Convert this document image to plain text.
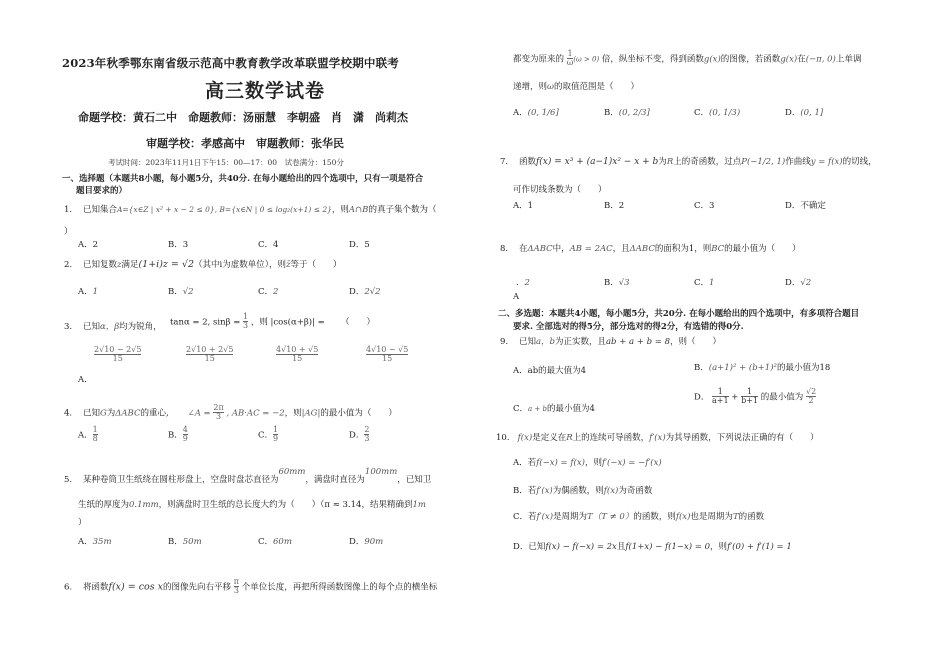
2023年秋季鄂东南省级示范高中教育教学改革联盟学校期中联考
高三数学试卷
命题学校：黄石二中　命题教师：汤丽慧　李朝盛　肖　潇　尚莉杰
审题学校：孝感高中　审题教师：张华民
考试时间：2023年11月1日下午15：00—17：00　试卷满分：150分
一、选择题（本题共8小题，每小题5分，共40分. 在每小题给出的四个选项中，只有一项是符合
题目要求的）
1. 已知集合A={x∈Z | x² + x − 2 ≤ 0}, B={x∈N | 0 ≤ log₂(x+1) ≤ 2}，则A∩B的真子集个数为（
）
A．2	B．3	C．4	D．5
2. 已知复数z满足(1+i)z = √2（其中i为虚数单位），则z̄等于（　　）
A．1	B．√2	C．2	D．2√2
3. 已知α，β均为锐角， tanα = 2, $\sin\beta = \frac{1}{3}$ ，则 |cos(α+β)| = （　　）
$\frac{2√10 - 2√5}{15}$	$\frac{2√10 + 2√5}{15}$	$\frac{4√10 + √5}{15}$	$\frac{4√10 - √5}{15}$
A．
4. 已知G为ΔABC的重心, ∠A = $\frac{2\pi}{3}$ , AB·AC = −2，则|AG|的最小值为（　　）
A． $\frac{1}{8}$	B． $\frac{4}{9}$	C． $\frac{1}{9}$	D． $\frac{2}{3}$
5. 某种卷筒卫生纸绕在圆柱形盘上，空盘时盘芯直径为60mm，满盘时直径为100mm，已知卫
生纸的厚度为0.1mm，则满盘时卫生纸的总长度大约为（　　）（π ≈ 3.14，结果精确到1m
）
A．35m	B．50m	C．60m	D．90m
6. 将函数f(x) = cos x的图像先向右平移 $\frac{\pi}{3}$ 个单位长度，再把所得函数图像上的每个点的横坐标
都变为原来的 $\frac{1}{\omega} (\omega > 0)$ 倍，纵坐标不变，得到函数g(x)的图像，若函数g(x)在(−π, 0)上单调
递增，则ω的取值范围是（　　）
A．(0, 1/6]	B．(0, 2/3]	C．(0, 1/3)	D．(0, 1]
7. 函数f(x) = x³ + (a−1)x² − x + b为R上的奇函数，过点P(−1/2, 1)作曲线y = f(x)的切线，
可作切线条数为（　　）
A．1	B．2	C．3	D．不确定
8. 在ΔABC中，AB = 2AC，且ΔABC的面积为1，则BC的最小值为（　　）
．2	B．√3	C．1	D．√2
A
二、多选题：本题共4小题，每小题5分，共20分. 在每小题给出的四个选项中，有多项符合题目
要求. 全部选对的得5分，部分选对的得2分，有选错的得0分.
9. 已知a，b为正实数，且ab + a + b = 8，则（　　）
A．ab的最大值为4	B．(a+1)² + (b+1)²的最小值为18
C．a + b的最小值为4
D． $\frac{1}{a+1} + \frac{1}{b+1}$ 的最小值为 $\frac{√2}{2}$
10. f(x)是定义在R上的连续可导函数，f′(x)为其导函数，下列说法正确的有（　　）
A．若f(−x) = f(x)，则f′(−x) = −f′(x)
B．若f′(x)为偶函数，则f(x)为奇函数
C．若f′(x)是周期为T（T ≠ 0）的函数，则f(x)也是周期为T的函数
D．已知f(x) − f(−x) = 2x且f(1+x) − f(1−x) = 0，则f′(0) + f′(1) = 1
